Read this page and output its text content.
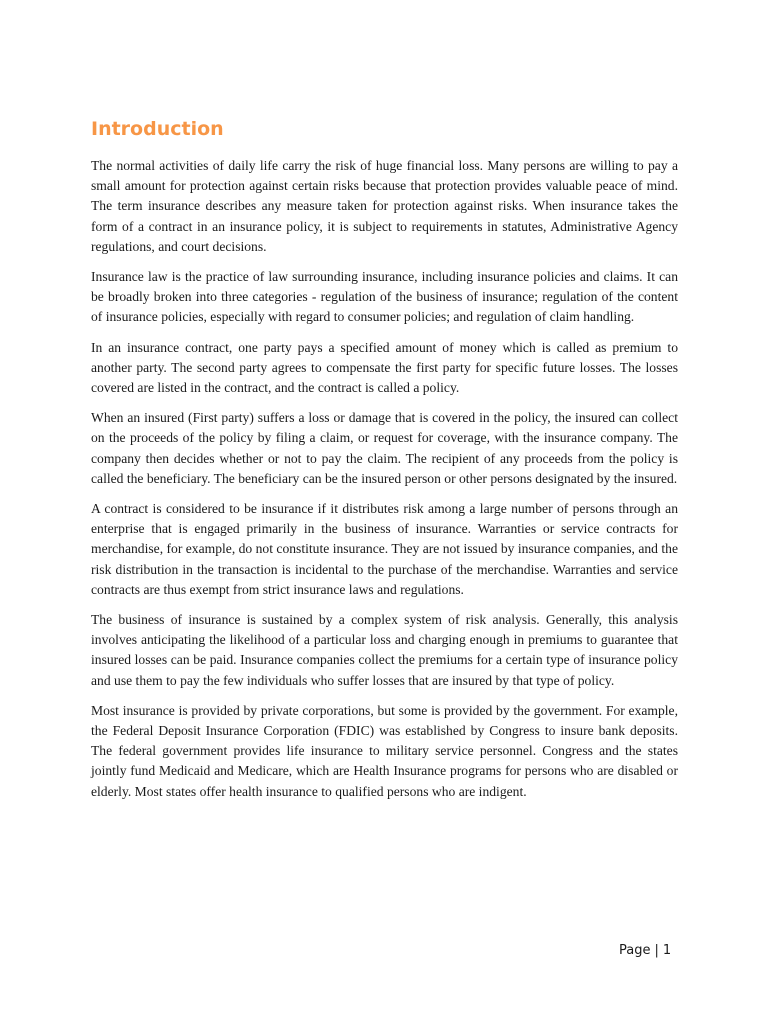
Introduction

The normal activities of daily life carry the risk of huge financial loss. Many persons are willing to pay a small amount for protection against certain risks because that protection provides valuable peace of mind. The term insurance describes any measure taken for protection against risks. When insurance takes the form of a contract in an insurance policy, it is subject to requirements in statutes, Administrative Agency regulations, and court decisions.

Insurance law is the practice of law surrounding insurance, including insurance policies and claims. It can be broadly broken into three categories - regulation of the business of insurance; regulation of the content of insurance policies, especially with regard to consumer policies; and regulation of claim handling.

In an insurance contract, one party pays a specified amount of money which is called as premium to another party. The second party agrees to compensate the first party for specific future losses. The losses covered are listed in the contract, and the contract is called a policy.

When an insured (First party) suffers a loss or damage that is covered in the policy, the insured can collect on the proceeds of the policy by filing a claim, or request for coverage, with the insurance company. The company then decides whether or not to pay the claim. The recipient of any proceeds from the policy is called the beneficiary. The beneficiary can be the insured person or other persons designated by the insured.

A contract is considered to be insurance if it distributes risk among a large number of persons through an enterprise that is engaged primarily in the business of insurance. Warranties or service contracts for merchandise, for example, do not constitute insurance. They are not issued by insurance companies, and the risk distribution in the transaction is incidental to the purchase of the merchandise. Warranties and service contracts are thus exempt from strict insurance laws and regulations.

The business of insurance is sustained by a complex system of risk analysis. Generally, this analysis involves anticipating the likelihood of a particular loss and charging enough in premiums to guarantee that insured losses can be paid. Insurance companies collect the premiums for a certain type of insurance policy and use them to pay the few individuals who suffer losses that are insured by that type of policy.

Most insurance is provided by private corporations, but some is provided by the government. For example, the Federal Deposit Insurance Corporation (FDIC) was established by Congress to insure bank deposits. The federal government provides life insurance to military service personnel. Congress and the states jointly fund Medicaid and Medicare, which are Health Insurance programs for persons who are disabled or elderly. Most states offer health insurance to qualified persons who are indigent.

Page | 1
